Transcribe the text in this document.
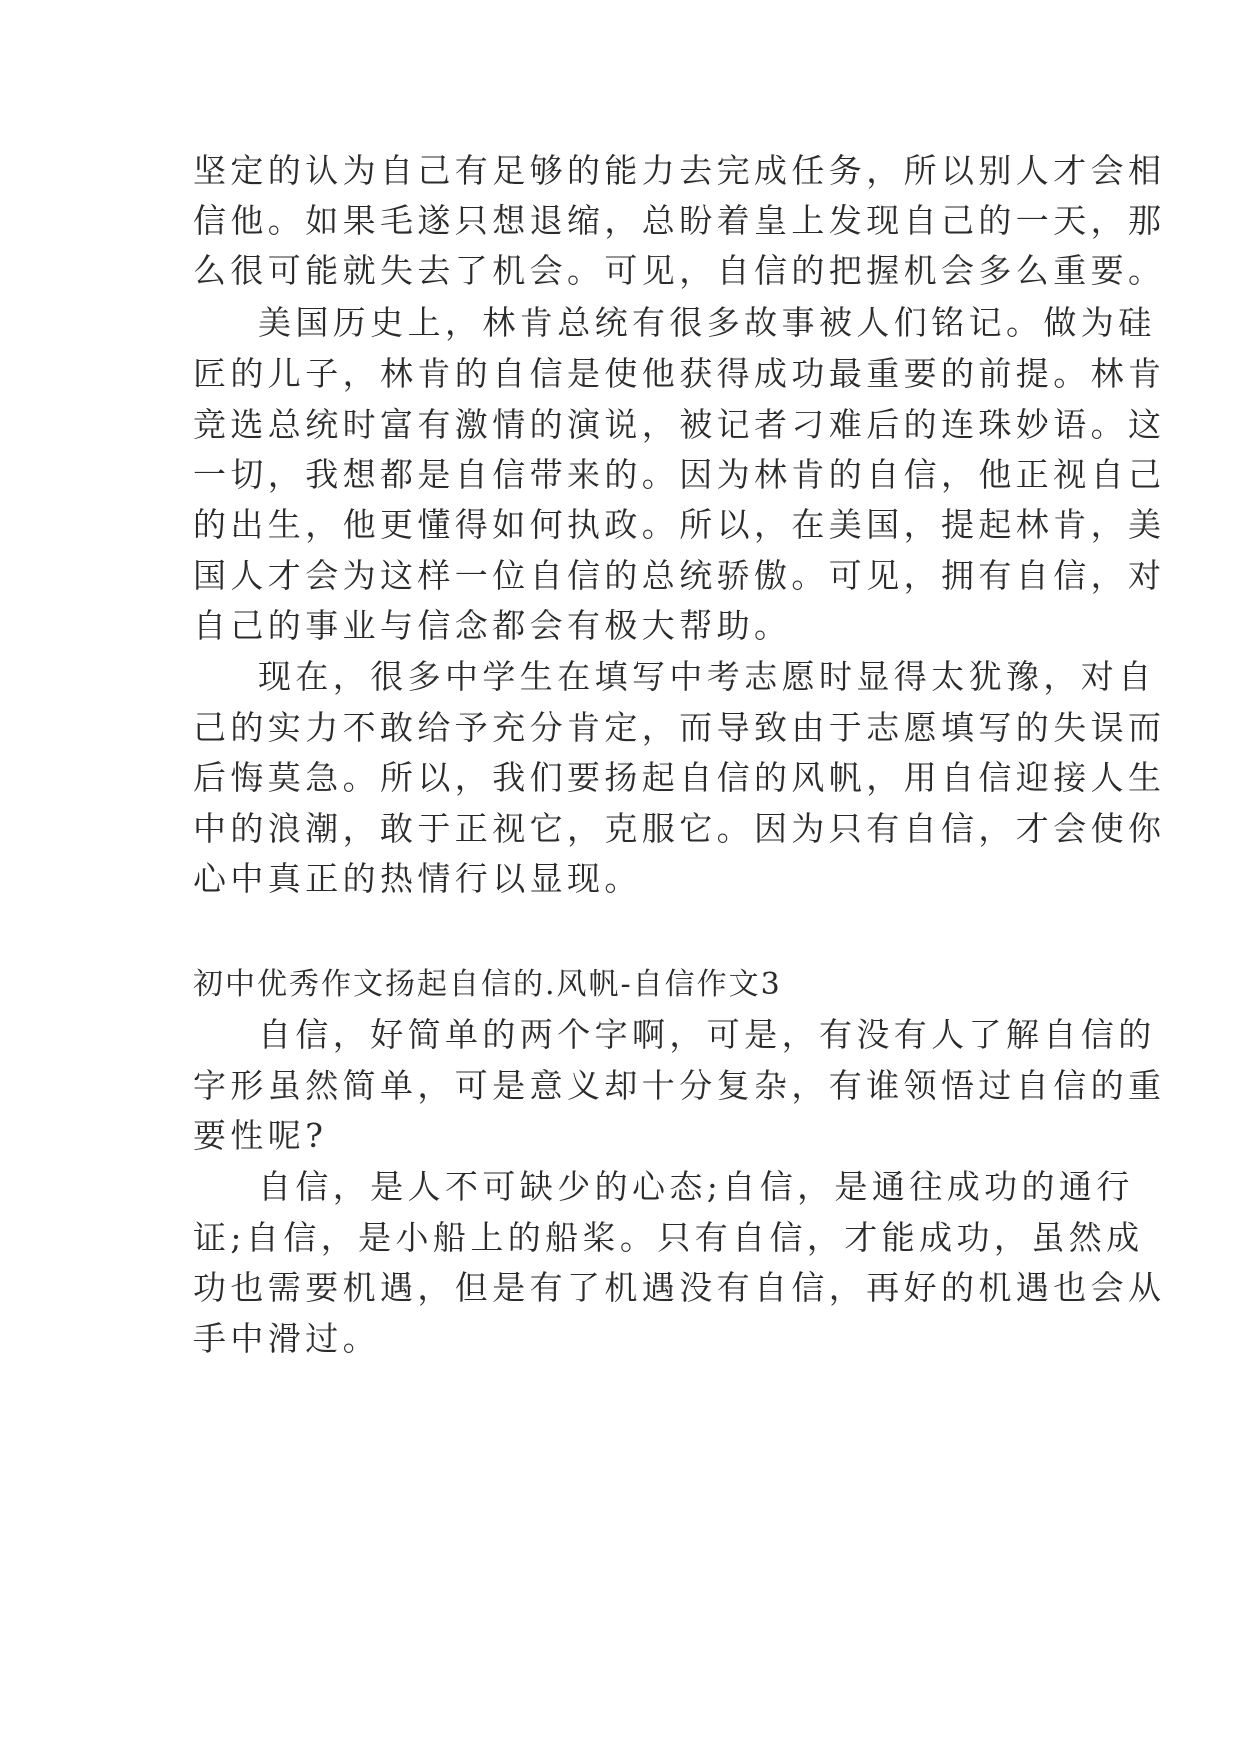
坚定的认为自己有足够的能力去完成任务，所以别人才会相
信他。如果毛遂只想退缩，总盼着皇上发现自己的一天，那
么很可能就失去了机会。可见，自信的把握机会多么重要。
美国历史上，林肯总统有很多故事被人们铭记。做为硅
匠的儿子，林肯的自信是使他获得成功最重要的前提。林肯
竞选总统时富有激情的演说，被记者刁难后的连珠妙语。这
一切，我想都是自信带来的。因为林肯的自信，他正视自己
的出生，他更懂得如何执政。所以，在美国，提起林肯，美
国人才会为这样一位自信的总统骄傲。可见，拥有自信，对
自己的事业与信念都会有极大帮助。
现在，很多中学生在填写中考志愿时显得太犹豫，对自
己的实力不敢给予充分肯定，而导致由于志愿填写的失误而
后悔莫急。所以，我们要扬起自信的风帆，用自信迎接人生
中的浪潮，敢于正视它，克服它。因为只有自信，才会使你
心中真正的热情行以显现。
初中优秀作文扬起自信的.风帆-自信作文3
自信，好简单的两个字啊，可是，有没有人了解自信的
字形虽然简单，可是意义却十分复杂，有谁领悟过自信的重
要性呢?
自信，是人不可缺少的心态;自信，是通往成功的通行
证;自信，是小船上的船桨。只有自信，才能成功，虽然成
功也需要机遇，但是有了机遇没有自信，再好的机遇也会从
手中滑过。
